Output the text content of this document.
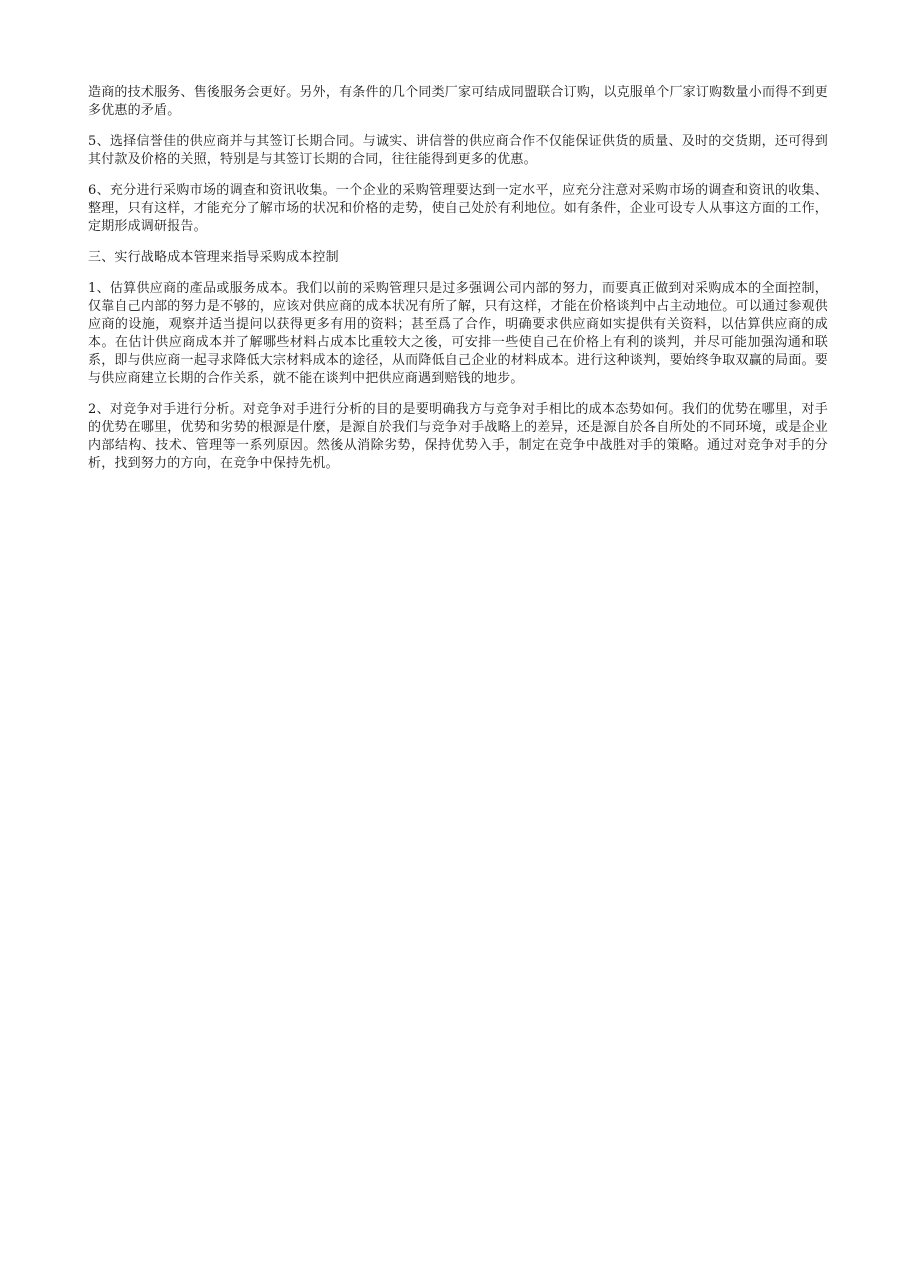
造商的技术服务、售後服务会更好。另外，有条件的几个同类厂家可结成同盟联合订购，以克服单个厂家订购数量小而得不到更多优惠的矛盾。

5、选择信誉佳的供应商并与其签订长期合同。与诚实、讲信誉的供应商合作不仅能保证供货的质量、及时的交货期，还可得到其付款及价格的关照，特别是与其签订长期的合同，往往能得到更多的优惠。

6、充分进行采购市场的调查和资讯收集。一个企业的采购管理要达到一定水平，应充分注意对采购市场的调查和资讯的收集、整理，只有这样，才能充分了解市场的状况和价格的走势，使自己处於有利地位。如有条件，企业可设专人从事这方面的工作，定期形成调研报告。

三、实行战略成本管理来指导采购成本控制

1、估算供应商的產品或服务成本。我们以前的采购管理只是过多强调公司内部的努力，而要真正做到对采购成本的全面控制，仅靠自己内部的努力是不够的，应该对供应商的成本状况有所了解，只有这样，才能在价格谈判中占主动地位。可以通过参观供应商的设施，观察并适当提问以获得更多有用的资料；甚至爲了合作，明确要求供应商如实提供有关资料，以估算供应商的成本。在估计供应商成本并了解哪些材料占成本比重较大之後，可安排一些使自己在价格上有利的谈判，并尽可能加强沟通和联系，即与供应商一起寻求降低大宗材料成本的途径，从而降低自己企业的材料成本。进行这种谈判，要始终争取双赢的局面。要与供应商建立长期的合作关系，就不能在谈判中把供应商遇到赔钱的地步。

2、对竞争对手进行分析。对竞争对手进行分析的目的是要明确我方与竞争对手相比的成本态势如何。我们的优势在哪里，对手的优势在哪里，优势和劣势的根源是什麼，是源自於我们与竞争对手战略上的差异，还是源自於各自所处的不同环境，或是企业内部结构、技术、管理等一系列原因。然後从消除劣势，保持优势入手，制定在竞争中战胜对手的策略。通过对竞争对手的分析，找到努力的方向，在竞争中保持先机。
